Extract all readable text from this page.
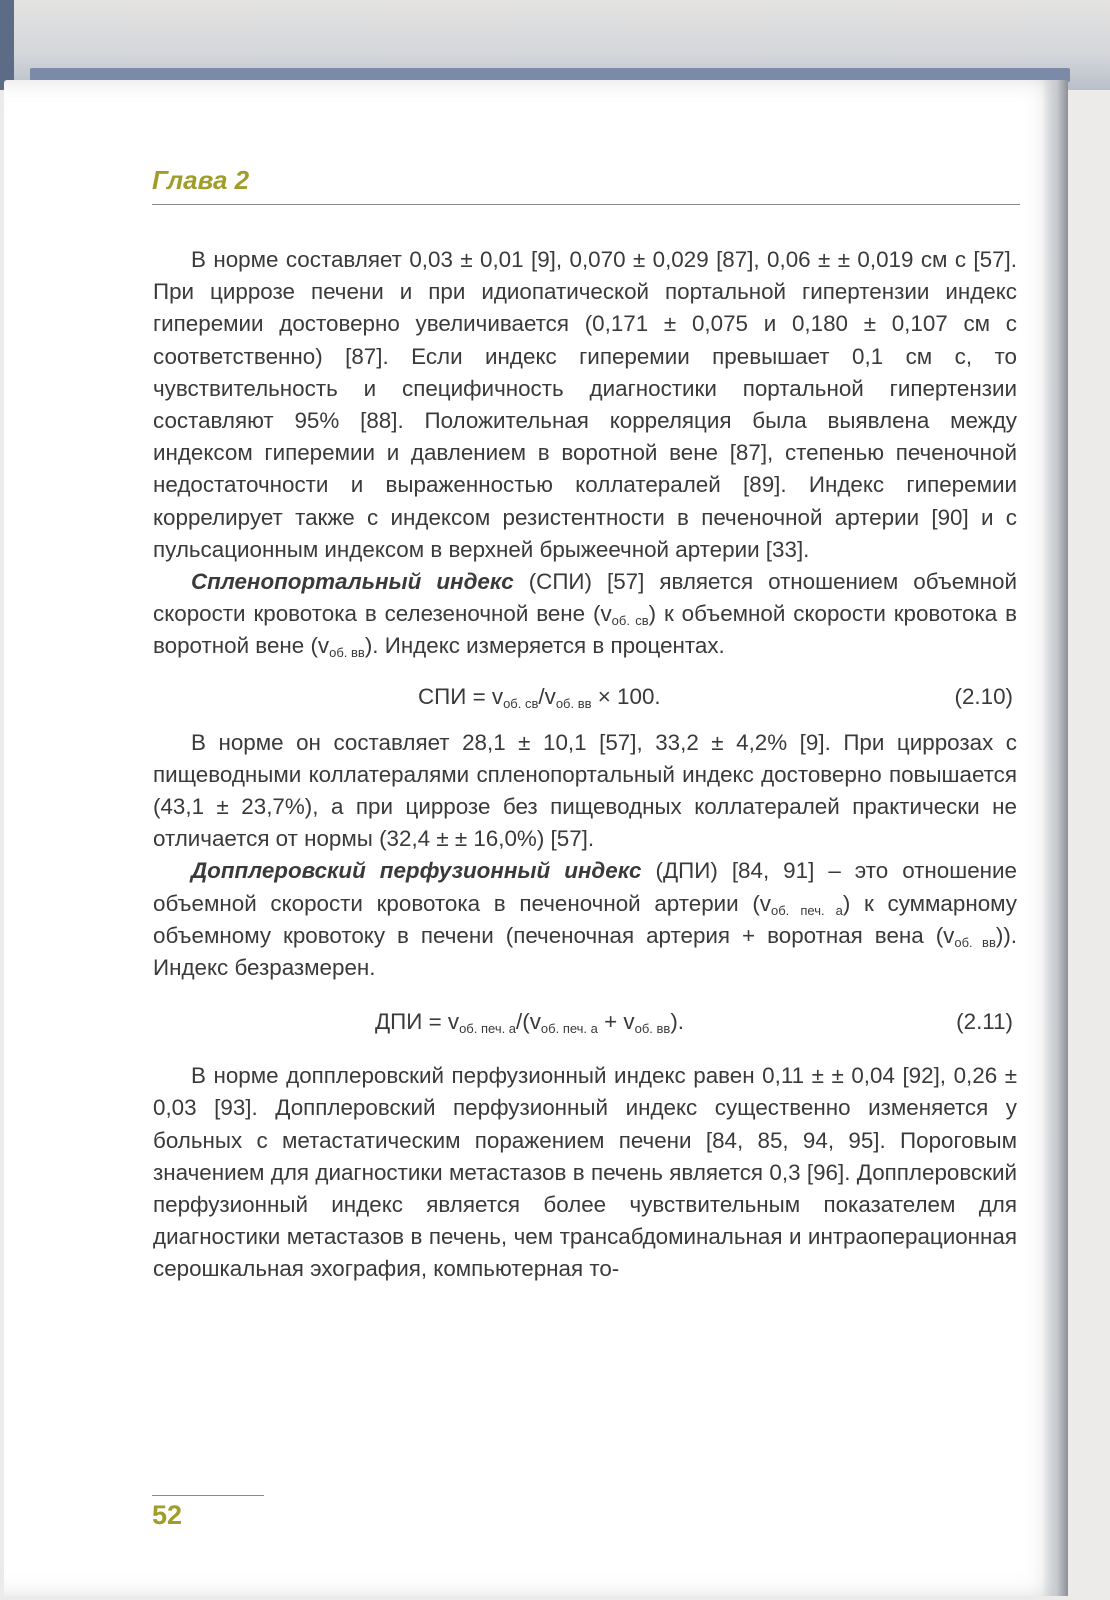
Глава 2

В норме составляет 0,03 ± 0,01 [9], 0,070 ± 0,029 [87], 0,06 ± ± 0,019 см с [57]. При циррозе печени и при идиопатической портальной гипертензии индекс гиперемии достоверно увеличивается (0,171 ± 0,075 и 0,180 ± 0,107 см с соответственно) [87]. Если индекс гиперемии превышает 0,1 см с, то чувствительность и специфичность диагностики портальной гипертензии составляют 95% [88]. Положительная корреляция была выявлена между индексом гиперемии и давлением в воротной вене [87], степенью печеночной недостаточности и выраженностью коллатералей [89]. Индекс гиперемии коррелирует также с индексом резистентности в печеночной артерии [90] и с пульсационным индексом в верхней брыжеечной артерии [33].

Спленопортальный индекс (СПИ) [57] является отношением объемной скорости кровотока в селезеночной вене $(v_{об. св})$ к объемной скорости кровотока в воротной вене $(v_{об. вв})$. Индекс измеряется в процентах.

СПИ = $v_{об. св}/v_{об. вв} \times 100$.	(2.10)

В норме он составляет 28,1 ± 10,1 [57], 33,2 ± 4,2% [9]. При циррозах с пищеводными коллатералями спленопортальный индекс достоверно повышается (43,1 ± 23,7%), а при циррозе без пищеводных коллатералей практически не отличается от нормы (32,4 ± ± 16,0%) [57].

Допплеровский перфузионный индекс (ДПИ) [84, 91] – это отношение объемной скорости кровотока в печеночной артерии $(v_{об. печ. а})$ к суммарному объемному кровотоку в печени (печеночная артерия + воротная вена $(v_{об. вв})$). Индекс безразмерен.

ДПИ = $v_{об. печ. а}/(v_{об. печ. а} + v_{об. вв})$.	(2.11)

В норме допплеровский перфузионный индекс равен 0,11 ± ± 0,04 [92], 0,26 ± 0,03 [93]. Допплеровский перфузионный индекс существенно изменяется у больных с метастатическим поражением печени [84, 85, 94, 95]. Пороговым значением для диагностики метастазов в печень является 0,3 [96]. Допплеровский перфузионный индекс является более чувствительным показателем для диагностики метастазов в печень, чем трансабдоминальная и интраоперационная серошкальная эхография, компьютерная то-

52
